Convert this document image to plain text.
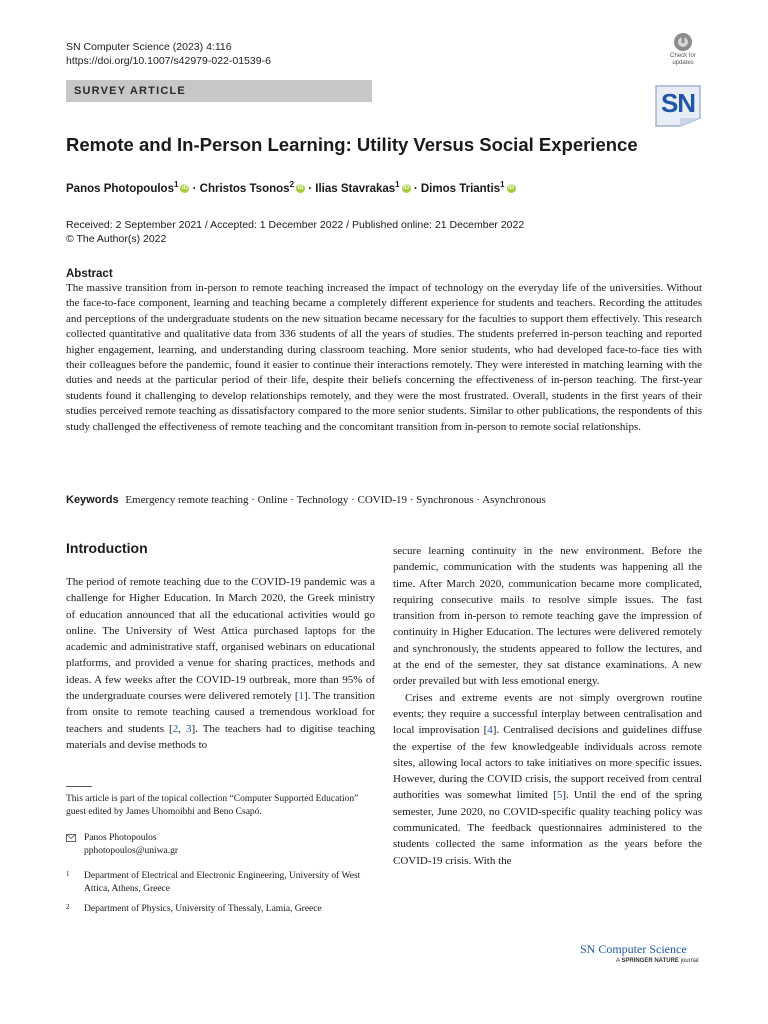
SN Computer Science (2023) 4:116
https://doi.org/10.1007/s42979-022-01539-6
SURVEY ARTICLE
Check for
updates
SN
Remote and In-Person Learning: Utility Versus Social Experience
Panos Photopoulos$^1$ iD · Christos Tsonos$^2$ iD · Ilias Stavrakas$^1$ iD · Dimos Triantis$^1$ iD
Received: 2 September 2021 / Accepted: 1 December 2022 / Published online: 21 December 2022
© The Author(s) 2022
Abstract
The massive transition from in-person to remote teaching increased the impact of technology on the everyday life of the universities. Without the face-to-face component, learning and teaching became a completely different experience for students and teachers. Recording the attitudes and perceptions of the undergraduate students on the new situation became necessary for the faculties to support them effectively. This research collected quantitative and qualitative data from 336 students of all the years of studies. The students preferred in-person teaching and reported higher engagement, learning, and understanding during classroom teaching. More senior students, who had developed face-to-face ties with their colleagues before the pandemic, found it easier to continue their interactions remotely. They were interested in matching learning with the duties and needs at the particular period of their life, despite their beliefs concerning the effectiveness of in-person teaching. The first-year students found it challenging to develop relationships remotely, and they were the most frustrated. Overall, students in the first years of their studies perceived remote teaching as dissatisfactory compared to the more senior students. Similar to other publications, the respondents of this study challenged the effectiveness of remote teaching and the concomitant transition from in-person to remote social relationships.
Keywords Emergency remote teaching · Online · Technology · COVID-19 · Synchronous · Asynchronous
Introduction
The period of remote teaching due to the COVID-19 pandemic was a challenge for Higher Education. In March 2020, the Greek ministry of education announced that all the educational activities would go online. The University of West Attica purchased laptops for the academic and administrative staff, organised webinars on educational platforms, and provided a venue for sharing practices, methods and ideas. A few weeks after the COVID-19 outbreak, more than 95% of the undergraduate courses were delivered remotely [1]. The transition from onsite to remote teaching caused a tremendous workload for teachers and students [2, 3]. The teachers had to digitise teaching materials and devise methods to

secure learning continuity in the new environment. Before the pandemic, communication with the students was happening all the time. After March 2020, communication became more complicated, requiring consecutive mails to resolve simple issues. The fast transition from in-person to remote teaching gave the impression of continuity in Higher Education. The lectures were delivered remotely and synchronously, the students appeared to follow the lectures, and at the end of the semester, they sat distance examinations. A new order prevailed but with less emotional energy.

Crises and extreme events are not simply overgrown routine events; they require a successful interplay between centralisation and local improvisation [4]. Centralised decisions and guidelines diffuse the expertise of the few knowledgeable individuals across remote sites, allowing local actors to take initiatives on more specific issues. However, during the COVID crisis, the support received from central authorities was somewhat limited [5]. Until the end of the spring semester, June 2020, no COVID-specific quality teaching policy was communicated. The feedback questionnaires administered to the students collected the same information as the years before the COVID-19 crisis. With the

This article is part of the topical collection “Computer Supported Education” guest edited by James Uhomoibhi and Beno Csapó.
Panos Photopoulos
pphotopoulos@uniwa.gr
1 Department of Electrical and Electronic Engineering, University of West Attica, Athens, Greece
2 Department of Physics, University of Thessaly, Lamia, Greece
SN Computer Science
A SPRINGER NATURE journal
